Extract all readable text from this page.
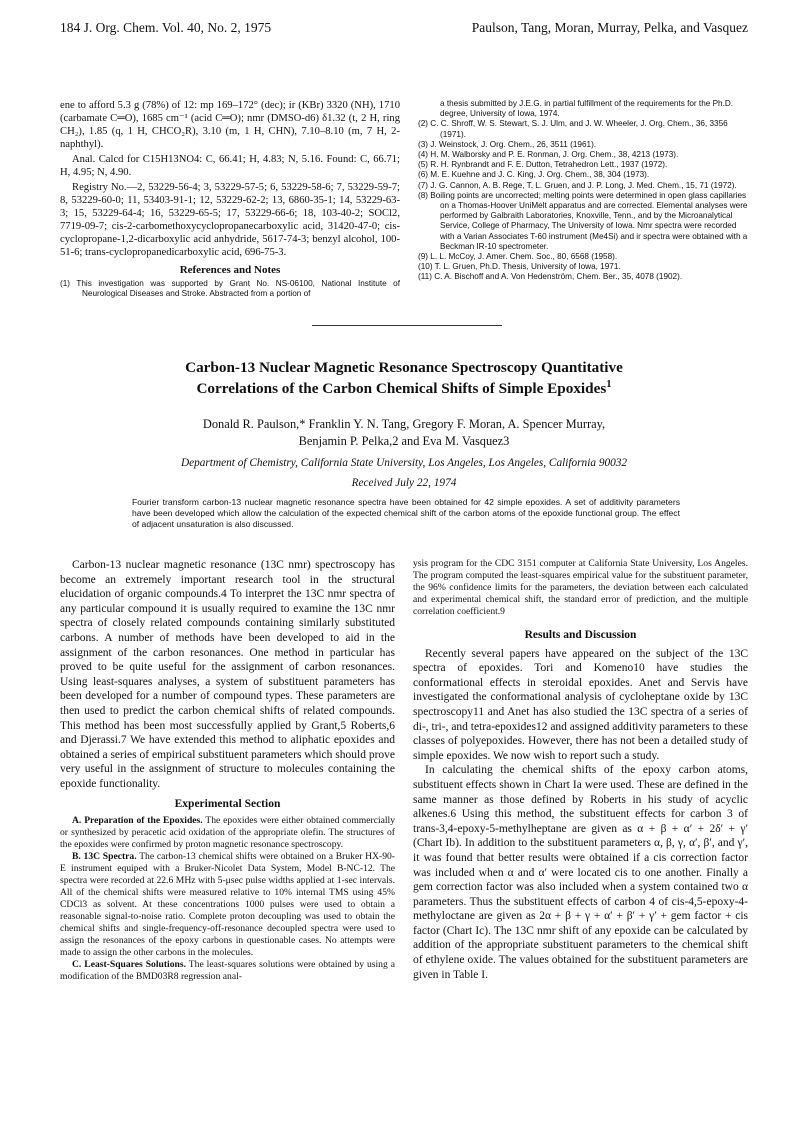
184 J. Org. Chem. Vol. 40, No. 2, 1975	Paulson, Tang, Moran, Murray, Pelka, and Vasquez

ene to afford 5.3 g (78%) of 12: mp 169–172° (dec); ir (KBr) 3320 (NH), 1710 (carbamate C═O), 1685 cm⁻¹ (acid C═O); nmr (DMSO-d6) δ1.32 (t, 2 H, ring CH₂), 1.85 (q, 1 H, CHCO₂R), 3.10 (m, 1 H, CHN), 7.10–8.10 (m, 7 H, 2-naphthyl).

Anal. Calcd for C15H13NO4: C, 66.41; H, 4.83; N, 5.16. Found: C, 66.71; H, 4.95; N, 4.90.

Registry No.—2, 53229-56-4; 3, 53229-57-5; 6, 53229-58-6; 7, 53229-59-7; 8, 53229-60-0; 11, 53403-91-1; 12, 53229-62-2; 13, 6860-35-1; 14, 53229-63-3; 15, 53229-64-4; 16, 53229-65-5; 17, 53229-66-6; 18, 103-40-2; SOCl2, 7719-09-7; cis-2-carbomethoxycyclopropanecarboxylic acid, 31420-47-0; cis-cyclopropane-1,2-dicarboxylic acid anhydride, 5617-74-3; benzyl alcohol, 100-51-6; trans-cyclopropanedicarboxylic acid, 696-75-3.

References and Notes

(1) This investigation was supported by Grant No. NS-06100, National Institute of Neurological Diseases and Stroke. Abstracted from a portion of

a thesis submitted by J.E.G. in partial fulfillment of the requirements for the Ph.D. degree, University of Iowa, 1974.

(2) C. C. Shroff, W. S. Stewart, S. J. Ulm, and J. W. Wheeler, J. Org. Chem., 36, 3356 (1971).

(3) J. Weinstock, J. Org. Chem., 26, 3511 (1961).

(4) H. M. Walborsky and P. E. Ronman, J. Org. Chem., 38, 4213 (1973).

(5) R. H. Rynbrandt and F. E. Dutton, Tetrahedron Lett., 1937 (1972).

(6) M. E. Kuehne and J. C. King, J. Org. Chem., 38, 304 (1973).

(7) J. G. Cannon, A. B. Rege, T. L. Gruen, and J. P. Long, J. Med. Chem., 15, 71 (1972).

(8) Boiling points are uncorrected; melting points were determined in open glass capillaries on a Thomas-Hoover UniMelt apparatus and are corrected. Elemental analyses were performed by Galbraith Laboratories, Knoxville, Tenn., and by the Microanalytical Service, College of Pharmacy, The University of Iowa. Nmr spectra were recorded with a Varian Associates T-60 instrument (Me4Si) and ir spectra were obtained with a Beckman IR-10 spectrometer.

(9) L. L. McCoy, J. Amer. Chem. Soc., 80, 6568 (1958).

(10) T. L. Gruen, Ph.D. Thesis, University of Iowa, 1971.

(11) C. A. Bischoff and A. Von Hedenström, Chem. Ber., 35, 4078 (1902).

Carbon-13 Nuclear Magnetic Resonance Spectroscopy Quantitative
Correlations of the Carbon Chemical Shifts of Simple Epoxides$^1$
Donald R. Paulson,* Franklin Y. N. Tang, Gregory F. Moran, A. Spencer Murray,
Benjamin P. Pelka,2 and Eva M. Vasquez3
Department of Chemistry, California State University, Los Angeles, Los Angeles, California 90032
Received July 22, 1974
Fourier transform carbon-13 nuclear magnetic resonance spectra have been obtained for 42 simple epoxides. A set of additivity parameters have been developed which allow the calculation of the expected chemical shift of the carbon atoms of the epoxide functional group. The effect of adjacent unsaturation is also discussed.

Carbon-13 nuclear magnetic resonance (13C nmr) spectroscopy has become an extremely important research tool in the structural elucidation of organic compounds.4 To interpret the 13C nmr spectra of any particular compound it is usually required to examine the 13C nmr spectra of closely related compounds containing similarly substituted carbons. A number of methods have been developed to aid in the assignment of the carbon resonances. One method in particular has proved to be quite useful for the assignment of carbon resonances. Using least-squares analyses, a system of substituent parameters has been developed for a number of compound types. These parameters are then used to predict the carbon chemical shifts of related compounds. This method has been most successfully applied by Grant,5 Roberts,6 and Djerassi.7 We have extended this method to aliphatic epoxides and obtained a series of empirical substituent parameters which should prove very useful in the assignment of structure to molecules containing the epoxide functionality.

Experimental Section

A. Preparation of the Epoxides. The epoxides were either obtained commercially or synthesized by peracetic acid oxidation of the appropriate olefin. The structures of the epoxides were confirmed by proton magnetic resonance spectroscopy.

B. 13C Spectra. The carbon-13 chemical shifts were obtained on a Bruker HX-90-E instrument equiped with a Bruker-Nicolet Data System, Model B-NC-12. The spectra were recorded at 22.6 MHz with 5-μsec pulse widths applied at 1-sec intervals. All of the chemical shifts were measured relative to 10% internal TMS using 45% CDCl3 as solvent. At these concentrations 1000 pulses were used to obtain a reasonable signal-to-noise ratio. Complete proton decoupling was used to obtain the chemical shifts and single-frequency-off-resonance decoupled spectra were used to assign the resonances of the epoxy carbons in questionable cases. No attempts were made to assign the other carbons in the molecules.

C. Least-Squares Solutions. The least-squares solutions were obtained by using a modification of the BMD03R8 regression anal-

ysis program for the CDC 3151 computer at California State University, Los Angeles. The program computed the least-squares empirical value for the substituent parameter, the 96% confidence limits for the parameters, the deviation between each calculated and experimental chemical shift, the standard error of prediction, and the multiple correlation coefficient.9

Results and Discussion

Recently several papers have appeared on the subject of the 13C spectra of epoxides. Tori and Komeno10 have studies the conformational effects in steroidal epoxides. Anet and Servis have investigated the conformational analysis of cycloheptane oxide by 13C spectroscopy11 and Anet has also studied the 13C spectra of a series of di-, tri-, and tetra-epoxides12 and assigned additivity parameters to these classes of polyepoxides. However, there has not been a detailed study of simple epoxides. We now wish to report such a study.

In calculating the chemical shifts of the epoxy carbon atoms, substituent effects shown in Chart Ia were used. These are defined in the same manner as those defined by Roberts in his study of acyclic alkenes.6 Using this method, the substituent effects for carbon 3 of trans-3,4-epoxy-5-methylheptane are given as α + β + α′ + 2δ′ + γ′ (Chart Ib). In addition to the substituent parameters α, β, γ, α′, β′, and γ′, it was found that better results were obtained if a cis correction factor was included when α and α′ were located cis to one another. Finally a gem correction factor was also included when a system contained two α parameters. Thus the substituent effects of carbon 4 of cis-4,5-epoxy-4-methyloctane are given as 2α + β + γ + α′ + β′ + γ′ + gem factor + cis factor (Chart Ic). The 13C nmr shift of any epoxide can be calculated by addition of the appropriate substituent parameters to the chemical shift of ethylene oxide. The values obtained for the substituent parameters are given in Table I.
